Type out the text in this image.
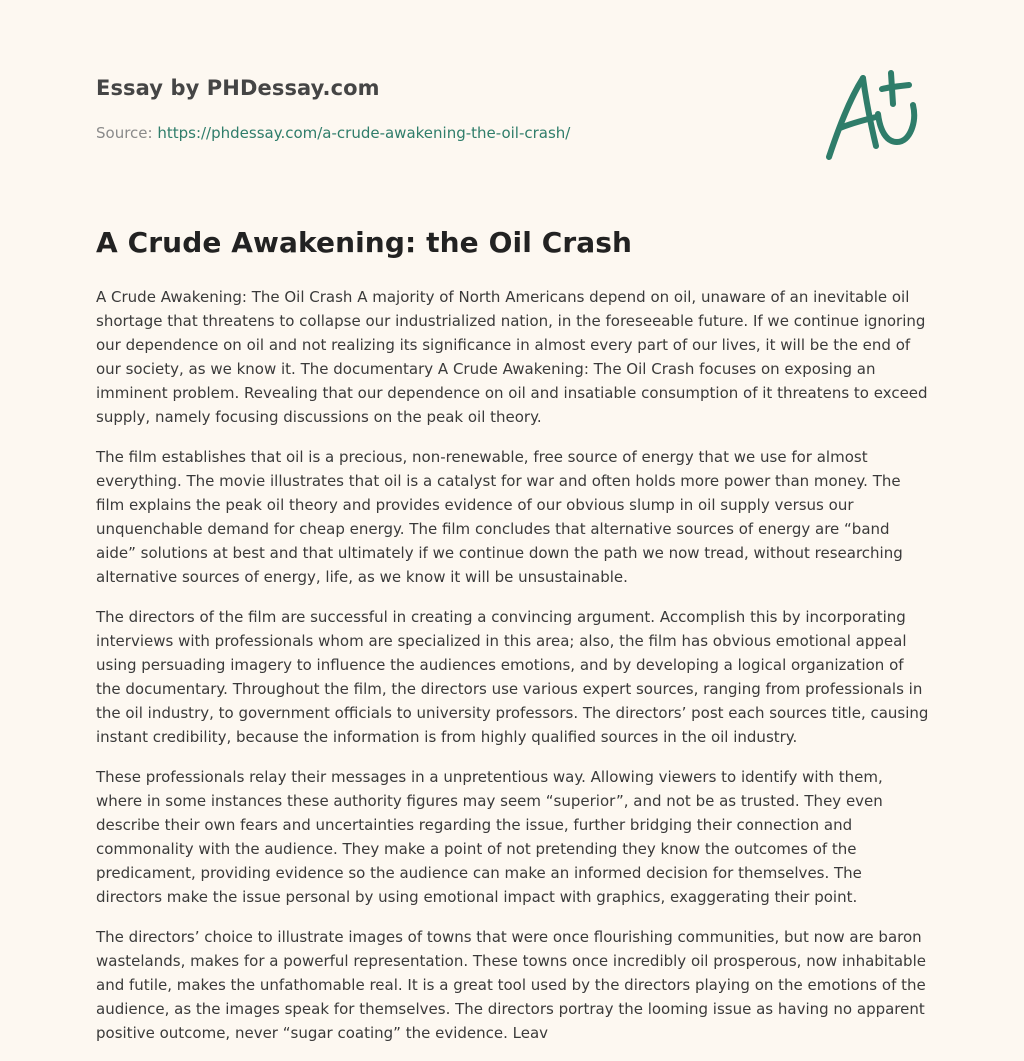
Essay by PHDessay.com

Source: https://phdessay.com/a-crude-awakening-the-oil-crash/

A Crude Awakening: the Oil Crash

A Crude Awakening: The Oil Crash A majority of North Americans depend on oil, unaware of an inevitable oil shortage that threatens to collapse our industrialized nation, in the foreseeable future. If we continue ignoring our dependence on oil and not realizing its significance in almost every part of our lives, it will be the end of our society, as we know it. The documentary A Crude Awakening: The Oil Crash focuses on exposing an imminent problem. Revealing that our dependence on oil and insatiable consumption of it threatens to exceed supply, namely focusing discussions on the peak oil theory.

The film establishes that oil is a precious, non-renewable, free source of energy that we use for almost everything. The movie illustrates that oil is a catalyst for war and often holds more power than money. The film explains the peak oil theory and provides evidence of our obvious slump in oil supply versus our unquenchable demand for cheap energy. The film concludes that alternative sources of energy are “band aide” solutions at best and that ultimately if we continue down the path we now tread, without researching alternative sources of energy, life, as we know it will be unsustainable.

The directors of the film are successful in creating a convincing argument. Accomplish this by incorporating interviews with professionals whom are specialized in this area; also, the film has obvious emotional appeal using persuading imagery to influence the audiences emotions, and by developing a logical organization of the documentary. Throughout the film, the directors use various expert sources, ranging from professionals in the oil industry, to government officials to university professors. The directors’ post each sources title, causing instant credibility, because the information is from highly qualified sources in the oil industry.

These professionals relay their messages in a unpretentious way. Allowing viewers to identify with them, where in some instances these authority figures may seem “superior”, and not be as trusted. They even describe their own fears and uncertainties regarding the issue, further bridging their connection and commonality with the audience. They make a point of not pretending they know the outcomes of the predicament, providing evidence so the audience can make an informed decision for themselves. The directors make the issue personal by using emotional impact with graphics, exaggerating their point.

The directors’ choice to illustrate images of towns that were once flourishing communities, but now are baron wastelands, makes for a powerful representation. These towns once incredibly oil prosperous, now inhabitable and futile, makes the unfathomable real. It is a great tool used by the directors playing on the emotions of the audience, as the images speak for themselves. The directors portray the looming issue as having no apparent positive outcome, never “sugar coating” the evidence. Leav
